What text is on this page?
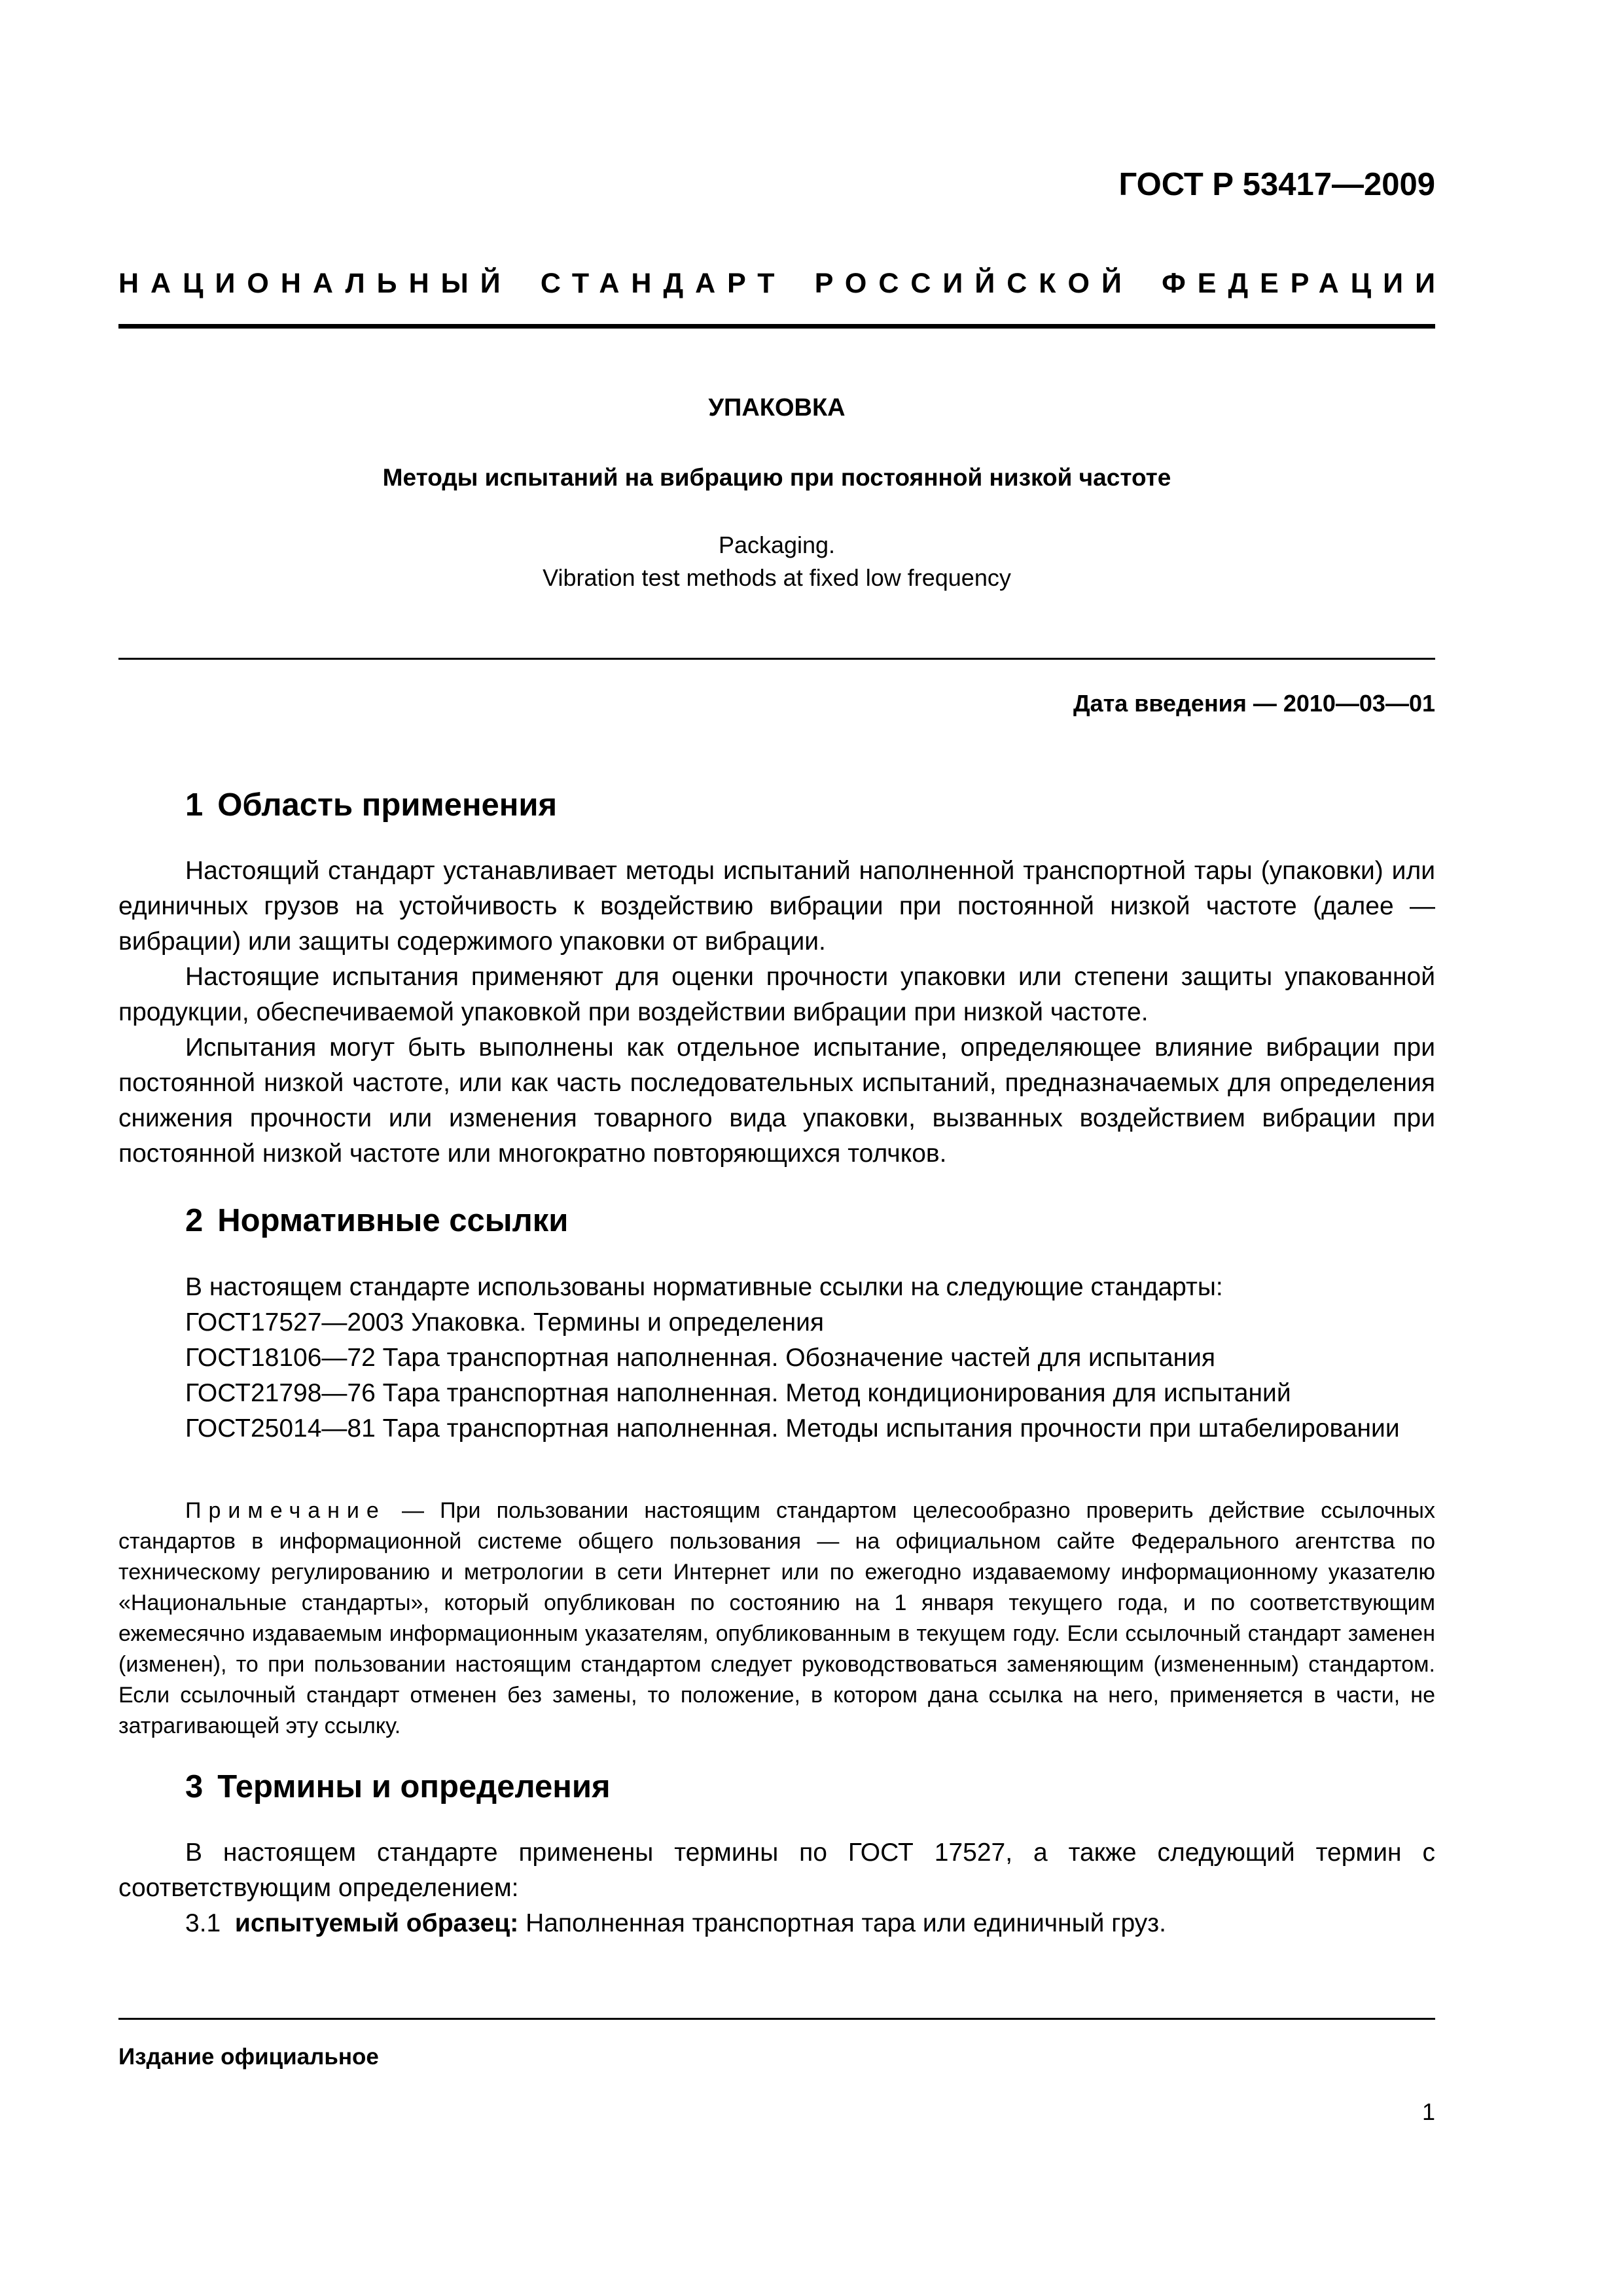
ГОСТ Р 53417—2009
НАЦИОНАЛЬНЫЙ СТАНДАРТ РОССИЙСКОЙ ФЕДЕРАЦИИ
УПАКОВКА
Методы испытаний на вибрацию при постоянной низкой частоте
Packaging.
Vibration test methods at fixed low frequency
Дата введения — 2010—03—01
1 Область применения

Настоящий стандарт устанавливает методы испытаний наполненной транспортной тары (упаковки) или единичных грузов на устойчивость к воздействию вибрации при постоянной низкой частоте (далее — вибрации) или защиты содержимого упаковки от вибрации.

Настоящие испытания применяют для оценки прочности упаковки или степени защиты упакованной продукции, обеспечиваемой упаковкой при воздействии вибрации при низкой частоте.

Испытания могут быть выполнены как отдельное испытание, определяющее влияние вибрации при постоянной низкой частоте, или как часть последовательных испытаний, предназначаемых для определения снижения прочности или изменения товарного вида упаковки, вызванных воздействием вибрации при постоянной низкой частоте или многократно повторяющихся толчков.

2 Нормативные ссылки

В настоящем стандарте использованы нормативные ссылки на следующие стандарты:

ГОСТ17527—2003 Упаковка. Термины и определения

ГОСТ18106—72 Тара транспортная наполненная. Обозначение частей для испытания

ГОСТ21798—76 Тара транспортная наполненная. Метод кондиционирования для испытаний

ГОСТ25014—81 Тара транспортная наполненная. Методы испытания прочности при штабелировании

Примечание — При пользовании настоящим стандартом целесообразно проверить действие ссылочных стандартов в информационной системе общего пользования — на официальном сайте Федерального агентства по техническому регулированию и метрологии в сети Интернет или по ежегодно издаваемому информационному указателю «Национальные стандарты», который опубликован по состоянию на 1 января текущего года, и по соответствующим ежемесячно издаваемым информационным указателям, опубликованным в текущем году. Если ссылочный стандарт заменен (изменен), то при пользовании настоящим стандартом следует руководствоваться заменяющим (измененным) стандартом. Если ссылочный стандарт отменен без замены, то положение, в котором дана ссылка на него, применяется в части, не затрагивающей эту ссылку.

3 Термины и определения

В настоящем стандарте применены термины по ГОСТ 17527, а также следующий термин с соответствующим определением:

3.1 испытуемый образец: Наполненная транспортная тара или единичный груз.

Издание официальное
1
